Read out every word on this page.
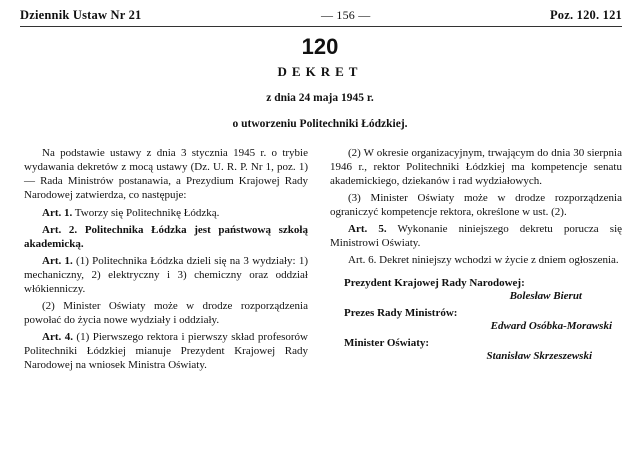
Dziennik Ustaw Nr 21
—	156 —	Poz. 120. 121
120
DEKRET
z dnia 24 maja 1945 r.
o utworzeniu Politechniki Łódzkiej.

Na podstawie ustawy z dnia 3 stycznia 1945 r. o trybie wydawania dekretów z mocą ustawy (Dz. U. R. P. Nr 1, poz. 1) — Rada Ministrów postanawia, a Prezydium Krajowej Rady Narodowej zatwierdza, co następuje:

Art. 1. Tworzy się Politechnikę Łódzką.

Art. 2. Politechnika Łódzka jest państwową szkołą akademicką.

Art. 1. (1) Politechnika Łódzka dzieli się na 3 wydziały: 1) mechaniczny, 2) elektryczny i 3) chemiczny oraz oddział włókienniczy.

(2) Minister Oświaty może w drodze rozporządzenia powołać do życia nowe wydziały i oddziały.

Art. 4. (1) Pierwszego rektora i pierwszy skład profesorów Politechniki Łódzkiej mianuje Prezydent Krajowej Rady Narodowej na wniosek Ministra Oświaty.

(2) W okresie organizacyjnym, trwającym do dnia 30 sierpnia 1946 r., rektor Politechniki Łódzkiej ma kompetencje senatu akademickiego, dziekanów i rad wydziałowych.

(3) Minister Oświaty może w drodze rozporządzenia ograniczyć kompetencje rektora, określone w ust. (2).

Art. 5. Wykonanie niniejszego dekretu porucza się Ministrowi Oświaty.

Art. 6. Dekret niniejszy wchodzi w życie z dniem ogłoszenia.

Prezydent Krajowej Rady Narodowej:
Bolesław Bierut
Prezes Rady Ministrów:
Edward Osóbka-Morawski
Minister Oświaty:
Stanisław Skrzeszewski
